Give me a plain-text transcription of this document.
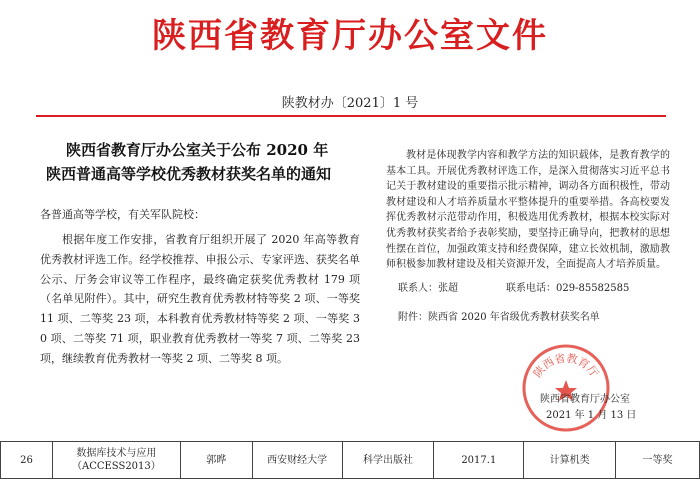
陕西省教育厅办公室文件
陕教材办〔2021〕1 号
陕西省教育厅办公室关于公布 2020 年
陕西普通高等学校优秀教材获奖名单的通知
各普通高等学校，有关军队院校：
根据年度工作安排，省教育厅组织开展了 2020 年高等教育优秀教材评选工作。经学校推荐、申报公示、专家评选、获奖名单公示、厅务会审议等工作程序，最终确定获奖优秀教材 179 项（名单见附件）。其中，研究生教育优秀教材特等奖 2 项、一等奖 11 项、二等奖 23 项，本科教育优秀教材特等奖 2 项、一等奖 30 项、二等奖 71 项，职业教育优秀教材一等奖 7 项、二等奖 23 项，继续教育优秀教材一等奖 2 项、二等奖 8 项。
教材是体现教学内容和教学方法的知识载体，是教育教学的基本工具。开展优秀教材评选工作，是深入贯彻落实习近平总书记关于教材建设的重要指示批示精神，调动各方面积极性，带动教材建设和人才培养质量水平整体提升的重要举措。各高校要发挥优秀教材示范带动作用，积极选用优秀教材，根据本校实际对优秀教材获奖者给予表彰奖励，要坚持正确导向，把教材的思想性摆在首位，加强政策支持和经费保障，建立长效机制，激励教师积极参加教材建设及相关资源开发，全面提高人才培养质量。
联系人：张超	联系电话：029-85582585
附件：陕西省 2020 年省级优秀教材获奖名单
陕西省教育厅
陕西省教育厅办公室
2021 年 1 月 13 日
26	数据库技术与应用（ACCESS2013）	郭晔	西安财经大学	科学出版社	2017.1	计算机类	一等奖
